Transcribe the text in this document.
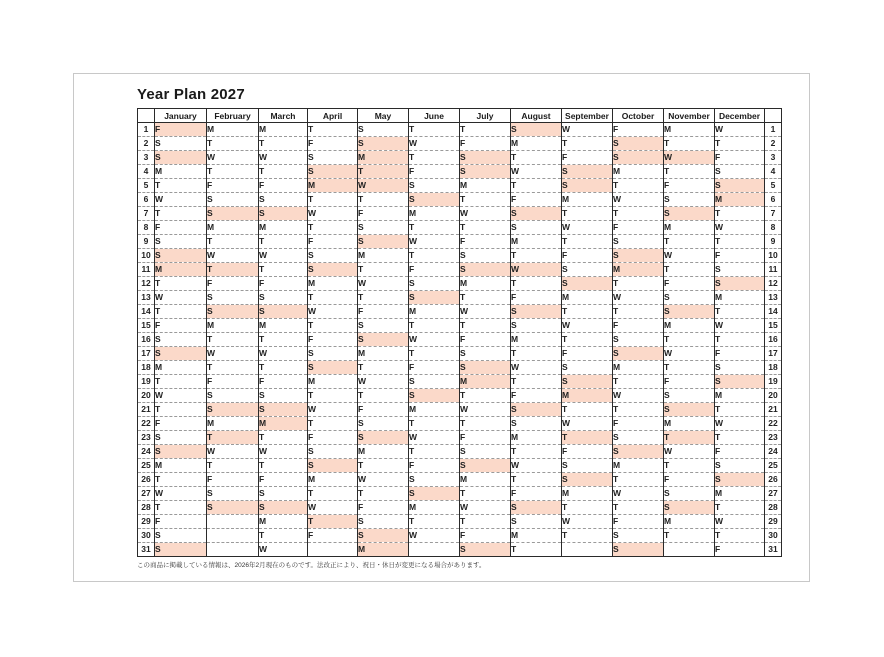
Year Plan 2027
	January	February	March	April	May	June	July	August	September	October	November	December	
1	F	M	M	T	S	T	T	S	W	F	M	W	1
2	S	T	T	F	S	W	F	M	T	S	T	T	2
3	S	W	W	S	M	T	S	T	F	S	W	F	3
4	M	T	T	S	T	F	S	W	S	M	T	S	4
5	T	F	F	M	W	S	M	T	S	T	F	S	5
6	W	S	S	T	T	S	T	F	M	W	S	M	6
7	T	S	S	W	F	M	W	S	T	T	S	T	7
8	F	M	M	T	S	T	T	S	W	F	M	W	8
9	S	T	T	F	S	W	F	M	T	S	T	T	9
10	S	W	W	S	M	T	S	T	F	S	W	F	10
11	M	T	T	S	T	F	S	W	S	M	T	S	11
12	T	F	F	M	W	S	M	T	S	T	F	S	12
13	W	S	S	T	T	S	T	F	M	W	S	M	13
14	T	S	S	W	F	M	W	S	T	T	S	T	14
15	F	M	M	T	S	T	T	S	W	F	M	W	15
16	S	T	T	F	S	W	F	M	T	S	T	T	16
17	S	W	W	S	M	T	S	T	F	S	W	F	17
18	M	T	T	S	T	F	S	W	S	M	T	S	18
19	T	F	F	M	W	S	M	T	S	T	F	S	19
20	W	S	S	T	T	S	T	F	M	W	S	M	20
21	T	S	S	W	F	M	W	S	T	T	S	T	21
22	F	M	M	T	S	T	T	S	W	F	M	W	22
23	S	T	T	F	S	W	F	M	T	S	T	T	23
24	S	W	W	S	M	T	S	T	F	S	W	F	24
25	M	T	T	S	T	F	S	W	S	M	T	S	25
26	T	F	F	M	W	S	M	T	S	T	F	S	26
27	W	S	S	T	T	S	T	F	M	W	S	M	27
28	T	S	S	W	F	M	W	S	T	T	S	T	28
29	F		M	T	S	T	T	S	W	F	M	W	29
30	S		T	F	S	W	F	M	T	S	T	T	30
31	S		W		M		S	T		S		F	31

この商品に掲載している情報は、2026年2月現在のものです。法改正により、祝日・休日が変更になる場合があります。
